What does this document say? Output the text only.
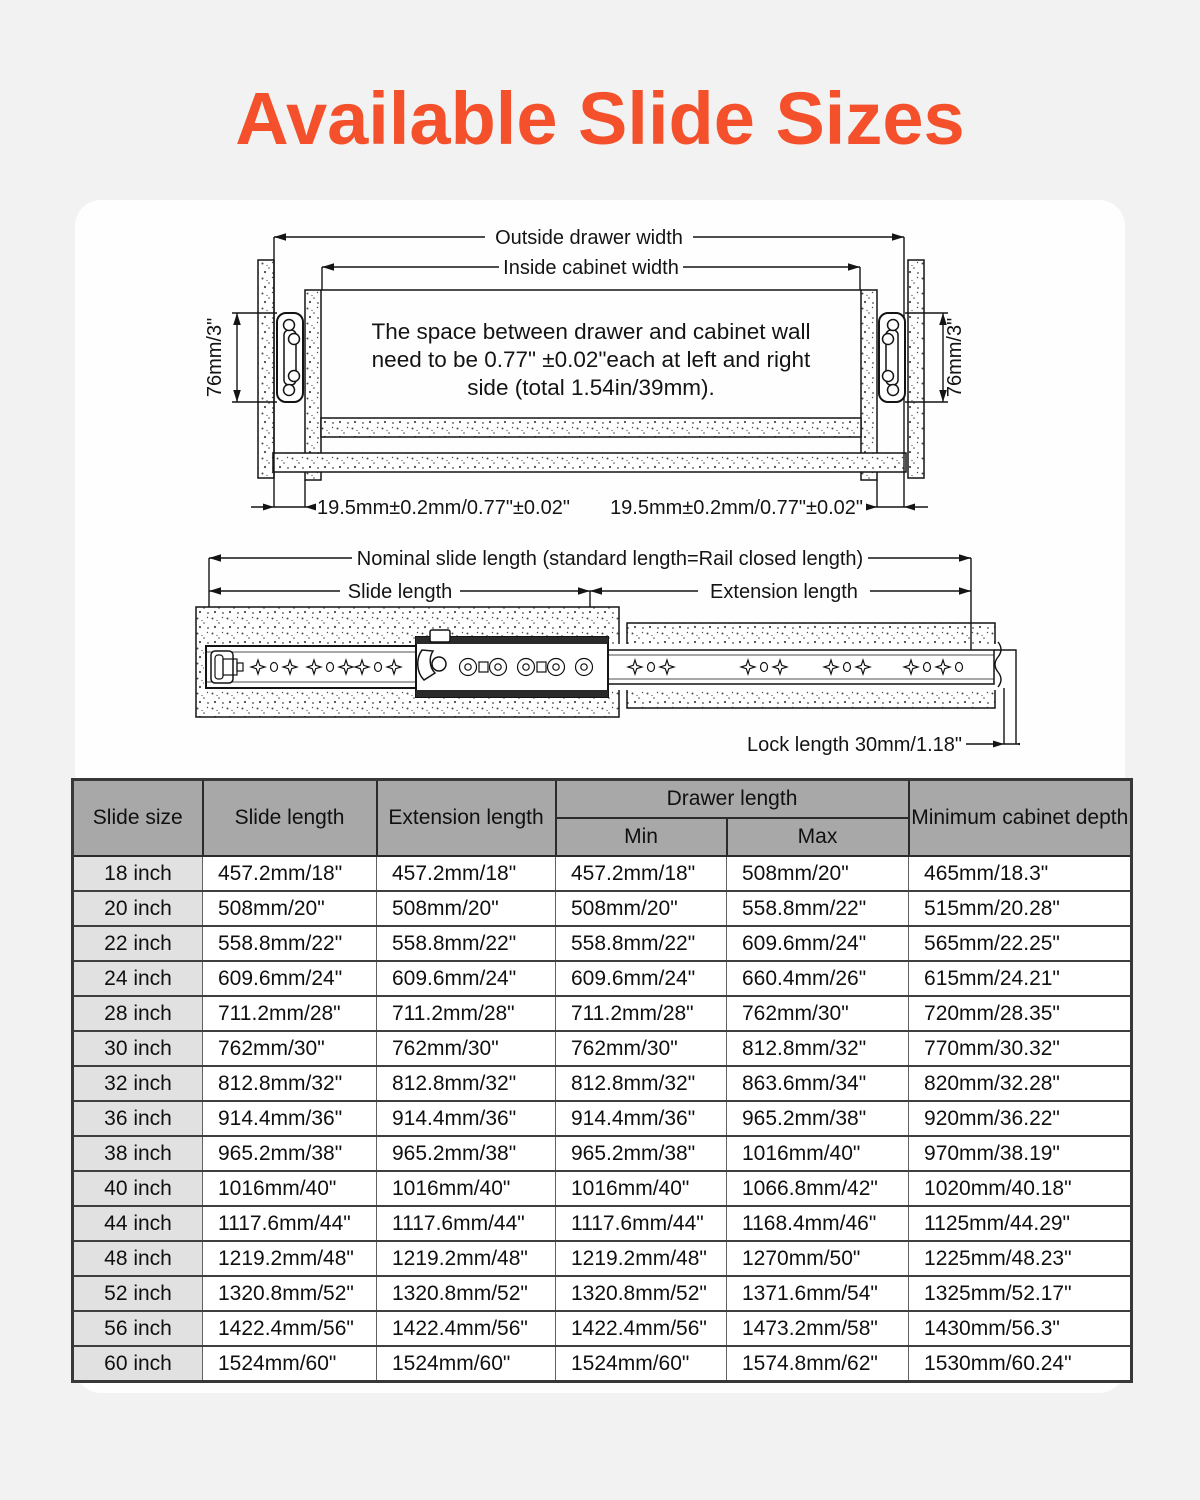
Available Slide Sizes
Outside drawer width
Inside cabinet width
76mm/3"	76mm/3"
19.5mm±0.2mm/0.77"±0.02" 19.5mm±0.2mm/0.77"±0.02"
The space between drawer and cabinet wall
need to be 0.77" ±0.02"each at left and right
side (total 1.54in/39mm).
Nominal slide length (standard length=Rail closed length)
Slide length	Extension length
Lock length 30mm/1.18"
Slide size	Slide length	Extension length	Drawer length		Minimum cabinet depth
			Min	Max	
18 inch	457.2mm/18"	457.2mm/18"	457.2mm/18"	508mm/20"	465mm/18.3"
20 inch	508mm/20"	508mm/20"	508mm/20"	558.8mm/22"	515mm/20.28"
22 inch	558.8mm/22"	558.8mm/22"	558.8mm/22"	609.6mm/24"	565mm/22.25"
24 inch	609.6mm/24"	609.6mm/24"	609.6mm/24"	660.4mm/26"	615mm/24.21"
28 inch	711.2mm/28"	711.2mm/28"	711.2mm/28"	762mm/30"	720mm/28.35"
30 inch	762mm/30"	762mm/30"	762mm/30"	812.8mm/32"	770mm/30.32"
32 inch	812.8mm/32"	812.8mm/32"	812.8mm/32"	863.6mm/34"	820mm/32.28"
36 inch	914.4mm/36"	914.4mm/36"	914.4mm/36"	965.2mm/38"	920mm/36.22"
38 inch	965.2mm/38"	965.2mm/38"	965.2mm/38"	1016mm/40"	970mm/38.19"
40 inch	1016mm/40"	1016mm/40"	1016mm/40"	1066.8mm/42"	1020mm/40.18"
44 inch	1117.6mm/44"	1117.6mm/44"	1117.6mm/44"	1168.4mm/46"	1125mm/44.29"
48 inch	1219.2mm/48"	1219.2mm/48"	1219.2mm/48"	1270mm/50"	1225mm/48.23"
52 inch	1320.8mm/52"	1320.8mm/52"	1320.8mm/52"	1371.6mm/54"	1325mm/52.17"
56 inch	1422.4mm/56"	1422.4mm/56"	1422.4mm/56"	1473.2mm/58"	1430mm/56.3"
60 inch	1524mm/60"	1524mm/60"	1524mm/60"	1574.8mm/62"	1530mm/60.24"
